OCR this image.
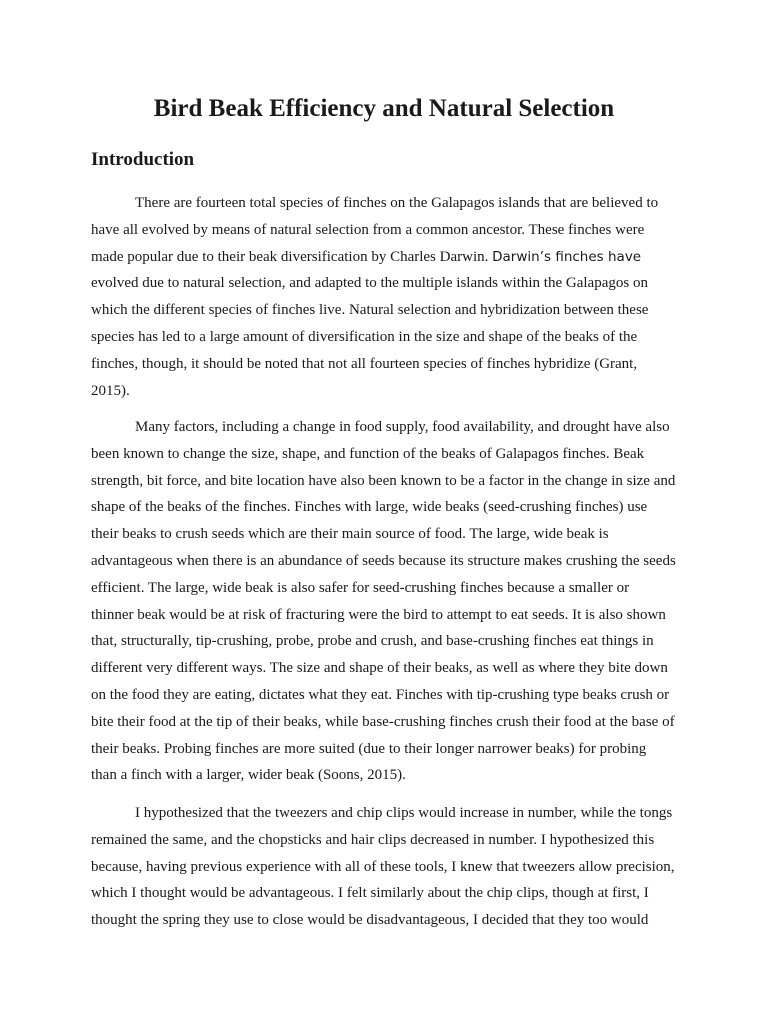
Bird Beak Efficiency and Natural Selection
Introduction
There are fourteen total species of finches on the Galapagos islands that are believed to
have all evolved by means of natural selection from a common ancestor. These finches were
made popular due to their beak diversification by Charles Darwin. Darwin’s finches have
evolved due to natural selection, and adapted to the multiple islands within the Galapagos on
which the different species of finches live. Natural selection and hybridization between these
species has led to a large amount of diversification in the size and shape of the beaks of the
finches, though, it should be noted that not all fourteen species of finches hybridize (Grant,
2015).
Many factors, including a change in food supply, food availability, and drought have also
been known to change the size, shape, and function of the beaks of Galapagos finches. Beak
strength, bit force, and bite location have also been known to be a factor in the change in size and
shape of the beaks of the finches. Finches with large, wide beaks (seed-crushing finches) use
their beaks to crush seeds which are their main source of food. The large, wide beak is
advantageous when there is an abundance of seeds because its structure makes crushing the seeds
efficient. The large, wide beak is also safer for seed-crushing finches because a smaller or
thinner beak would be at risk of fracturing were the bird to attempt to eat seeds. It is also shown
that, structurally, tip-crushing, probe, probe and crush, and base-crushing finches eat things in
different very different ways. The size and shape of their beaks, as well as where they bite down
on the food they are eating, dictates what they eat. Finches with tip-crushing type beaks crush or
bite their food at the tip of their beaks, while base-crushing finches crush their food at the base of
their beaks. Probing finches are more suited (due to their longer narrower beaks) for probing
than a finch with a larger, wider beak (Soons, 2015).
I hypothesized that the tweezers and chip clips would increase in number, while the tongs
remained the same, and the chopsticks and hair clips decreased in number. I hypothesized this
because, having previous experience with all of these tools, I knew that tweezers allow precision,
which I thought would be advantageous. I felt similarly about the chip clips, though at first, I
thought the spring they use to close would be disadvantageous, I decided that they too would
